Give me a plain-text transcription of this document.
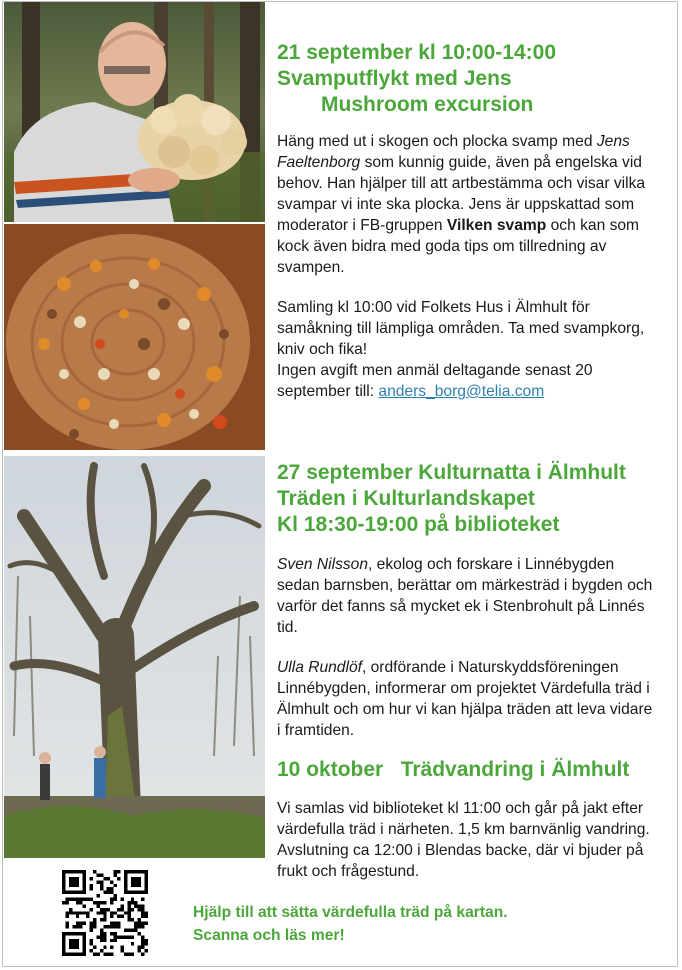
21 september kl 10:00-14:00
Svamputflykt med Jens
Mushroom excursion

Häng med ut i skogen och plocka svamp med Jens Faeltenborg som kunnig guide, även på engelska vid behov. Han hjälper till att artbestämma och visar vilka svampar vi inte ska plocka. Jens är uppskattad som moderator i FB-gruppen Vilken svamp och kan som kock även bidra med goda tips om tillredning av svampen.

Samling kl 10:00 vid Folkets Hus i Älmhult för samåkning till lämpliga områden. Ta med svampkorg, kniv och fika!

Ingen avgift men anmäl deltagande senast 20 september till: anders_borg@telia.com

27 september Kulturnatta i Älmhult
Träden i Kulturlandskapet
Kl 18:30-19:00 på biblioteket

Sven Nilsson, ekolog och forskare i Linnébygden sedan barnsben, berättar om märkesträd i bygden och varför det fanns så mycket ek i Stenbrohult på Linnés tid.

Ulla Rundlöf, ordförande i Naturskyddsföreningen Linnébygden, informerar om projektet Värdefulla träd i Älmhult och om hur vi kan hjälpa träden att leva vidare i framtiden.

10 oktober   Trädvandring i Älmhult
Vi samlas vid biblioteket kl 11:00 och går på jakt efter värdefulla träd i närheten. 1,5 km barnvänlig vandring. Avslutning ca 12:00 i Blendas backe, där vi bjuder på frukt och frågestund.
Hjälp till att sätta värdefulla träd på kartan.
Scanna och läs mer!
